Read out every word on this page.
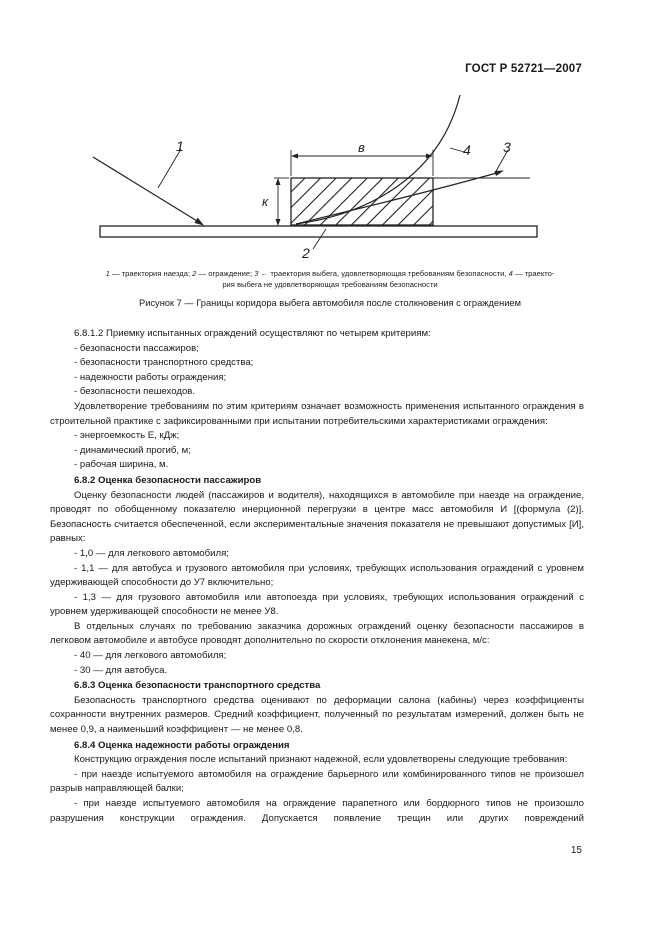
ГОСТ Р 52721—2007
1
2
3
4
в
к
1 — траектория наезда; 2 — ограждение; 3 ← траектория выбега, удовлетворяющая требованиям безопасности, 4 — траекто-
рия выбега не удовлетворяющая требованиям безопасности
Рисунок 7 — Границы коридора выбега автомобиля после столкновения с ограждением

6.8.1.2 Приемку испытанных ограждений осуществляют по четырем критериям:

- безопасности пассажиров;

- безопасности транспортного средства;

- надежности работы ограждения;

- безопасности пешеходов.

Удовлетворение требованиям по этим критериям означает возможность применения испытанного ограждения в строительной практике с зафиксированными при испытании потребительскими характеристиками ограждения:

- энергоемкость Е, кДж;

- динамический прогиб, м;

- рабочая ширина, м.

6.8.2 Оценка безопасности пассажиров

Оценку безопасности людей (пассажиров и водителя), находящихся в автомобиле при наезде на ограждение, проводят по обобщенному показателю инерционной перегрузки в центре масс автомобиля И [(формула (2)]. Безопасность считается обеспеченной, если экспериментальные значения показателя не превышают допустимых [И], равных:

- 1,0 — для легкового автомобиля;

- 1,1 — для автобуса и грузового автомобиля при условиях, требующих использования ограждений с уровнем удерживающей способности до У7 включительно;

- 1,3 — для грузового автомобиля или автопоезда при условиях, требующих использования ограждений с уровнем удерживающей способности не менее У8.

В отдельных случаях по требованию заказчика дорожных ограждений оценку безопасности пассажиров в легковом автомобиле и автобусе проводят дополнительно по скорости отклонения манекена, м/с:

- 40 — для легкового автомобиля;

- 30 — для автобуса.

6.8.3 Оценка безопасности транспортного средства

Безопасность транспортного средства оценивают по деформации салона (кабины) через коэффициенты сохранности внутренних размеров. Средний коэффициент, полученный по результатам измерений, должен быть не менее 0,9, а наименьший коэффициент — не менее 0,8.

6.8.4 Оценка надежности работы ограждения

Конструкцию ограждения после испытаний признают надежной, если удовлетворены следующие требования:

- при наезде испытуемого автомобиля на ограждение барьерного или комбинированного типов не произошел разрыв направляющей балки;

- при наезде испытуемого автомобиля на ограждение парапетного или бордюрного типов не произошло разрушения конструкции ограждения. Допускается появление трещин или других повреждений

15
